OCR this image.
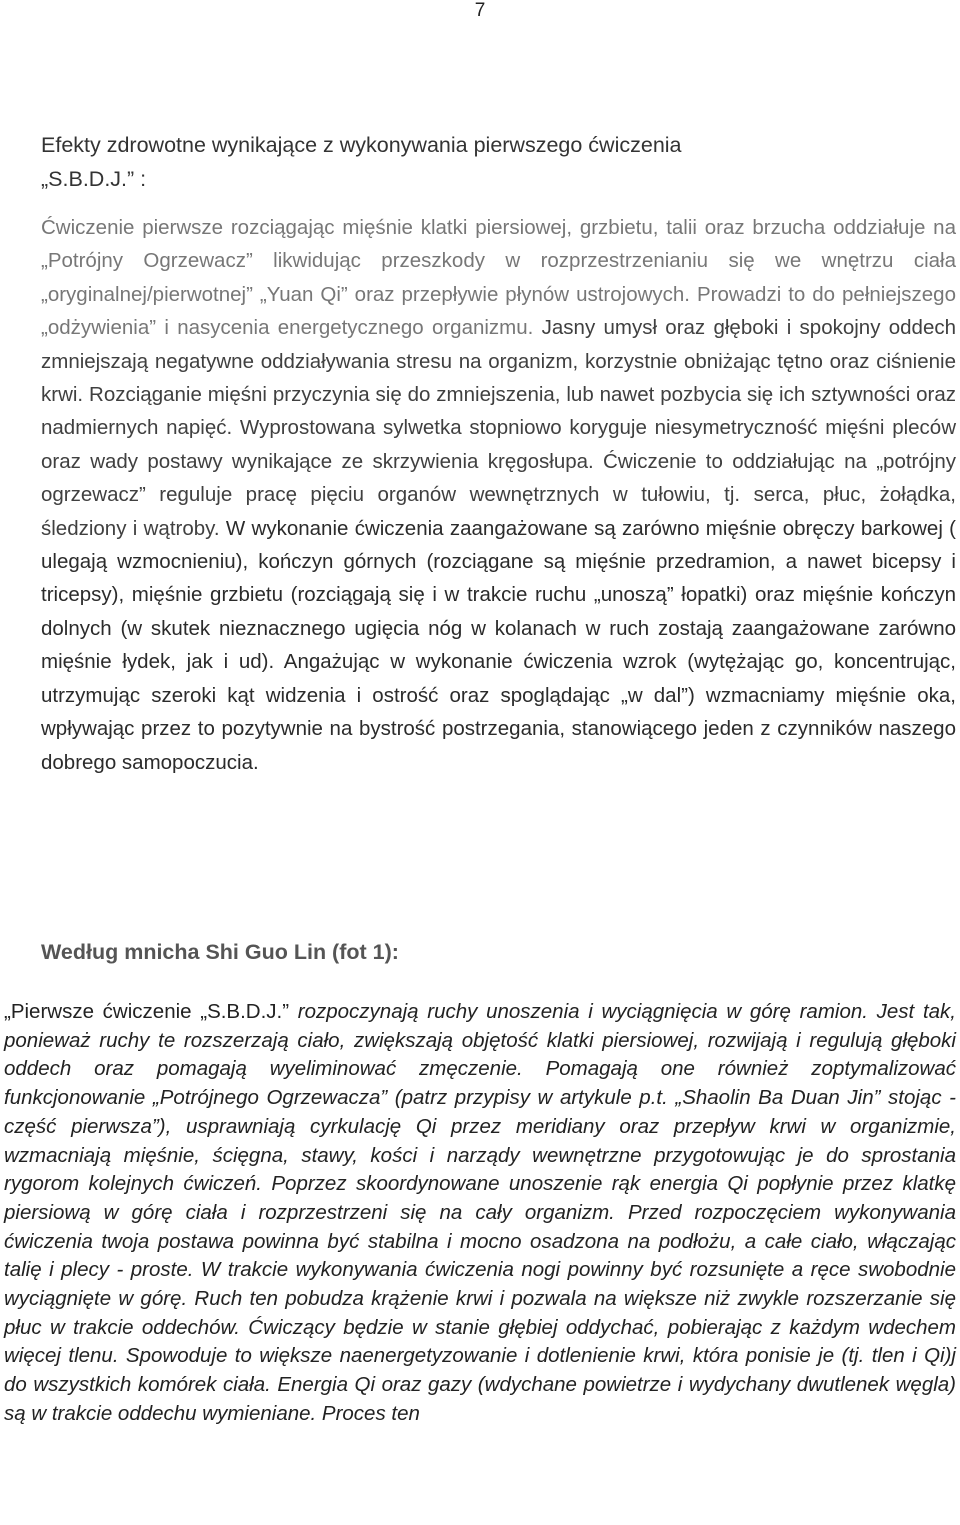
7
Efekty zdrowotne wynikające z wykonywania pierwszego ćwiczenia
„S.B.D.J.” :

Ćwiczenie pierwsze rozciągając mięśnie klatki piersiowej, grzbietu, talii oraz brzucha oddziałuje na „Potrójny Ogrzewacz” likwidując przeszkody w rozprzestrzenianiu się we wnętrzu ciała „oryginalnej/pierwotnej” „Yuan Qi” oraz przepływie płynów ustrojowych. Prowadzi to do pełniejszego „odżywienia” i nasycenia energetycznego organizmu. Jasny umysł oraz głęboki i spokojny oddech zmniejszają negatywne oddziaływania stresu na organizm, korzystnie obniżając tętno oraz ciśnienie krwi. Rozciąganie mięśni przyczynia się do zmniejszenia, lub nawet pozbycia się ich sztywności oraz nadmiernych napięć. Wyprostowana sylwetka stopniowo koryguje niesymetryczność mięśni pleców oraz wady postawy wynikające ze skrzywienia kręgosłupa. Ćwiczenie to oddziałując na „potrójny ogrzewacz” reguluje pracę pięciu organów wewnętrznych w tułowiu, tj. serca, płuc, żołądka, śledziony i wątroby. W wykonanie ćwiczenia zaangażowane są zarówno mięśnie obręczy barkowej ( ulegają wzmocnieniu), kończyn górnych (rozciągane są mięśnie przedramion, a nawet bicepsy i tricepsy), mięśnie grzbietu (rozciągają się i w trakcie ruchu „unoszą” łopatki) oraz mięśnie kończyn dolnych (w skutek nieznacznego ugięcia nóg w kolanach w ruch zostają zaangażowane zarówno mięśnie łydek, jak i ud). Angażując w wykonanie ćwiczenia wzrok (wytężając go, koncentrując, utrzymując szeroki kąt widzenia i ostrość oraz spoglądając „w dal”) wzmacniamy mięśnie oka, wpływając przez to pozytywnie na bystrość postrzegania, stanowiącego jeden z czynników naszego dobrego samopoczucia.

Według mnicha Shi Guo Lin (fot 1):

„Pierwsze ćwiczenie „S.B.D.J.” rozpoczynają ruchy unoszenia i wyciągnięcia w górę ramion. Jest tak, ponieważ ruchy te rozszerzają ciało, zwiększają objętość klatki piersiowej, rozwijają i regulują głęboki oddech oraz pomagają wyeliminować zmęczenie. Pomagają one również zoptymalizować funkcjonowanie „Potrójnego Ogrzewacza” (patrz przypisy w artykule p.t. „Shaolin Ba Duan Jin” stojąc - część pierwsza”), usprawniają cyrkulację Qi przez meridiany oraz przepływ krwi w organizmie, wzmacniają mięśnie, ścięgna, stawy, kości i narządy wewnętrzne przygotowując je do sprostania rygorom kolejnych ćwiczeń. Poprzez skoordynowane unoszenie rąk energia Qi popłynie przez klatkę piersiową w górę ciała i rozprzestrzeni się na cały organizm. Przed rozpoczęciem wykonywania ćwiczenia twoja postawa powinna być stabilna i mocno osadzona na podłożu, a całe ciało, włączając talię i plecy - proste. W trakcie wykonywania ćwiczenia nogi powinny być rozsunięte a ręce swobodnie wyciągnięte w górę. Ruch ten pobudza krążenie krwi i pozwala na większe niż zwykle rozszerzanie się płuc w trakcie oddechów. Ćwiczący będzie w stanie głębiej oddychać, pobierając z każdym wdechem więcej tlenu. Spowoduje to większe naenergetyzowanie i dotlenienie krwi, która ponisie je (tj. tlen i Qi)j do wszystkich komórek ciała. Energia Qi oraz gazy (wdychane powietrze i wydychany dwutlenek węgla) są w trakcie oddechu wymieniane. Proces ten
